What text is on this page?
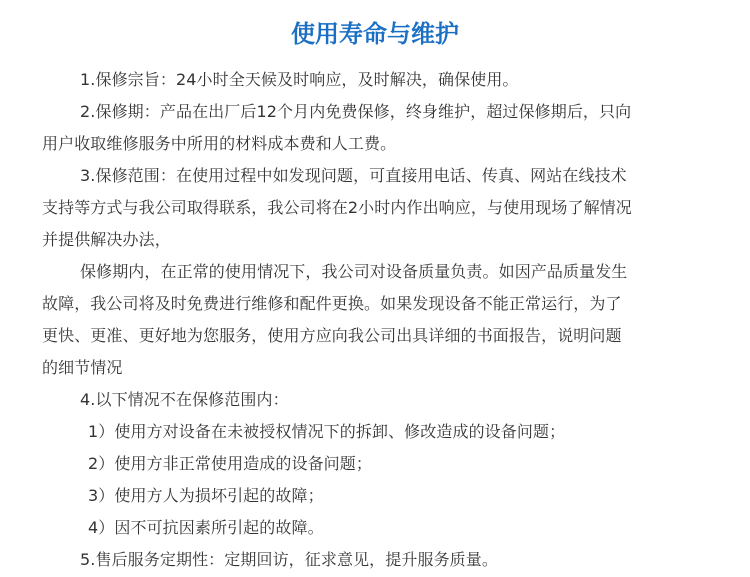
使用寿命与维护

1.保修宗旨：24小时全天候及时响应，及时解决，确保使用。

2.保修期：产品在出厂后12个月内免费保修，终身维护，超过保修期后，只向
用户收取维修服务中所用的材料成本费和人工费。

3.保修范围：在使用过程中如发现问题，可直接用电话、传真、网站在线技术
支持等方式与我公司取得联系，我公司将在2小时内作出响应，与使用现场了解情况
并提供解决办法，

保修期内，在正常的使用情况下，我公司对设备质量负责。如因产品质量发生
故障，我公司将及时免费进行维修和配件更换。如果发现设备不能正常运行，为了
更快、更准、更好地为您服务，使用方应向我公司出具详细的书面报告，说明问题
的细节情况

4.以下情况不在保修范围内：

1）使用方对设备在未被授权情况下的拆卸、修改造成的设备问题；

2）使用方非正常使用造成的设备问题；

3）使用方人为损坏引起的故障；

4）因不可抗因素所引起的故障。

5.售后服务定期性：定期回访，征求意见，提升服务质量。
